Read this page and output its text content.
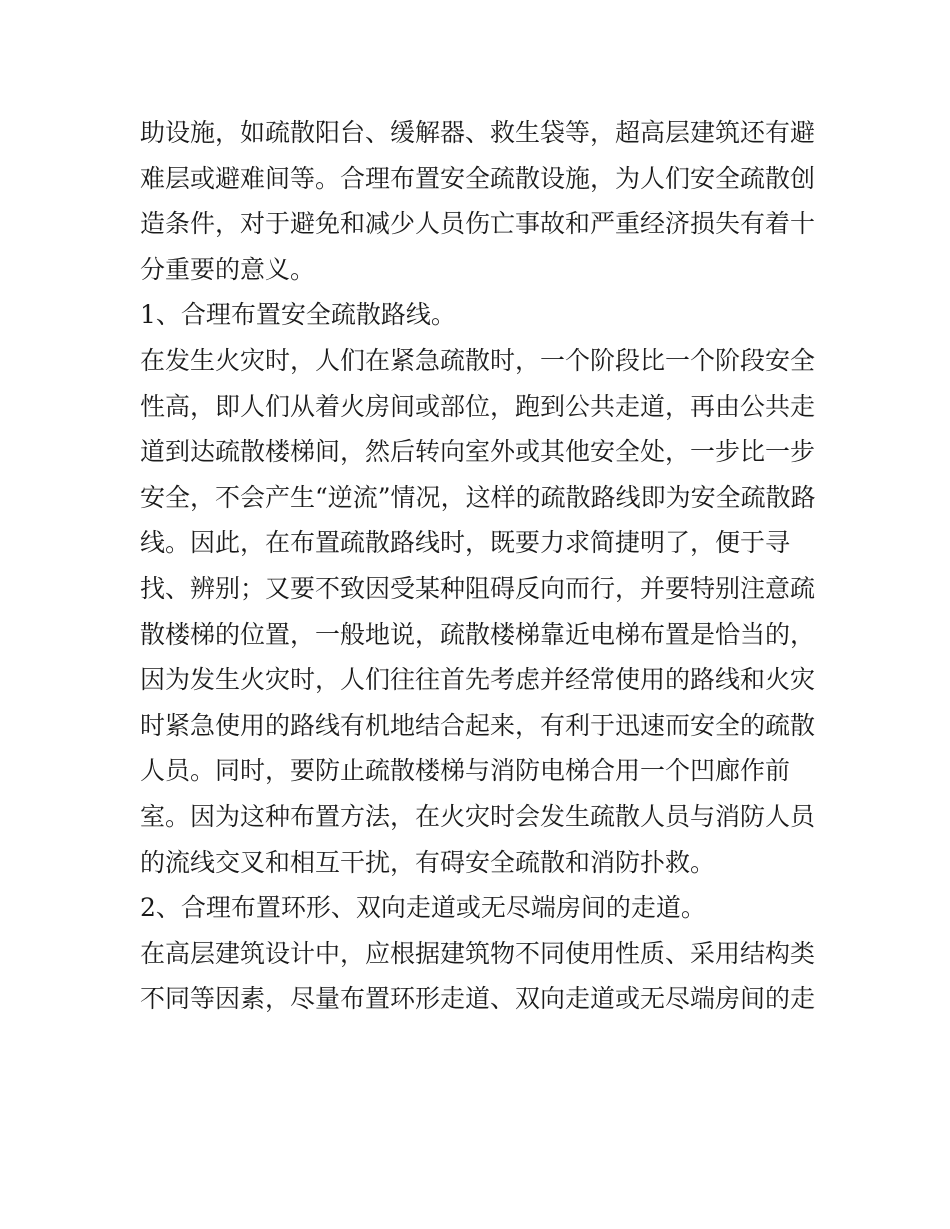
助设施，如疏散阳台、缓解器、救生袋等，超高层建筑还有避
难层或避难间等。合理布置安全疏散设施，为人们安全疏散创
造条件，对于避免和减少人员伤亡事故和严重经济损失有着十
分重要的意义。
1、合理布置安全疏散路线。
在发生火灾时，人们在紧急疏散时，一个阶段比一个阶段安全
性高，即人们从着火房间或部位，跑到公共走道，再由公共走
道到达疏散楼梯间，然后转向室外或其他安全处，一步比一步
安全，不会产生“逆流”情况，这样的疏散路线即为安全疏散路
线。因此，在布置疏散路线时，既要力求简捷明了，便于寻
找、辨别；又要不致因受某种阻碍反向而行，并要特别注意疏
散楼梯的位置，一般地说，疏散楼梯靠近电梯布置是恰当的，
因为发生火灾时，人们往往首先考虑并经常使用的路线和火灾
时紧急使用的路线有机地结合起来，有利于迅速而安全的疏散
人员。同时，要防止疏散楼梯与消防电梯合用一个凹廊作前
室。因为这种布置方法，在火灾时会发生疏散人员与消防人员
的流线交叉和相互干扰，有碍安全疏散和消防扑救。
2、合理布置环形、双向走道或无尽端房间的走道。
在高层建筑设计中，应根据建筑物不同使用性质、采用结构类
不同等因素，尽量布置环形走道、双向走道或无尽端房间的走
